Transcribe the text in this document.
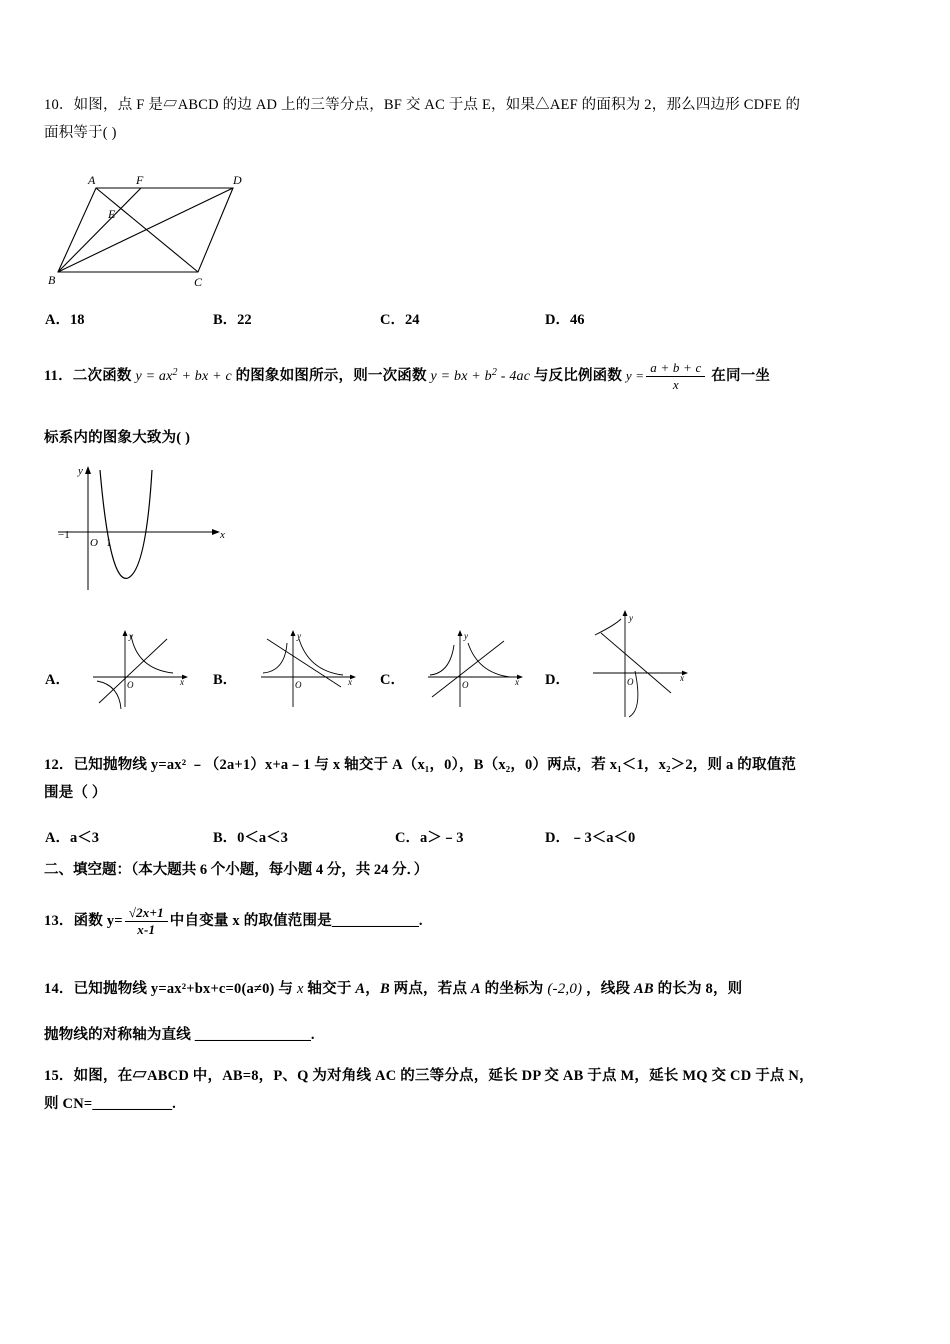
10．如图，点 F 是▱ABCD 的边 AD 上的三等分点，BF 交 AC 于点 E，如果△AEF 的面积为 2，那么四边形 CDFE 的
面积等于( )
A	F	D
E
B	C
A．18	B．22	C．24	D．46
11．二次函数 $y = ax^2$ + bx + c 的图象如图所示，则一次函数 y = bx + $b^2 - 4ac$ 与反比例函数 $y = \frac{a + b + c}{x}$ 在同一坐
标系内的图象大致为( )
y
x
O
−1
1
A．
y
x
O	B．
y
x
O	C．
y
x
O	D．
y
x
O
12．已知抛物线 y=ax² ﹣（2a+1）x+a﹣1 与 x 轴交于 A（x₁，0），B（x₂，0）两点，若 x₁＜1，x₂＞2，则 a 的取值范
围是（ ）
A．a＜3	B．0＜a＜3	C．a＞﹣3	D．﹣3＜a＜0
二、填空题：（本大题共 6 个小题，每小题 4 分，共 24 分．）
13．函数 $y= \frac{√2x+1}{x-1}$ 中自变量 x 的取值范围是____________.
14．已知抛物线 y=ax²+bx+c=0(a≠0) 与 x 轴交于 A，B 两点，若点 A 的坐标为 (-2,0) ，线段 AB 的长为 8，则
抛物线的对称轴为直线 ________________.
15．如图，在▱ABCD 中，AB=8，P、Q 为对角线 AC 的三等分点，延长 DP 交 AB 于点 M，延长 MQ 交 CD 于点 N，
则 CN=___________.
